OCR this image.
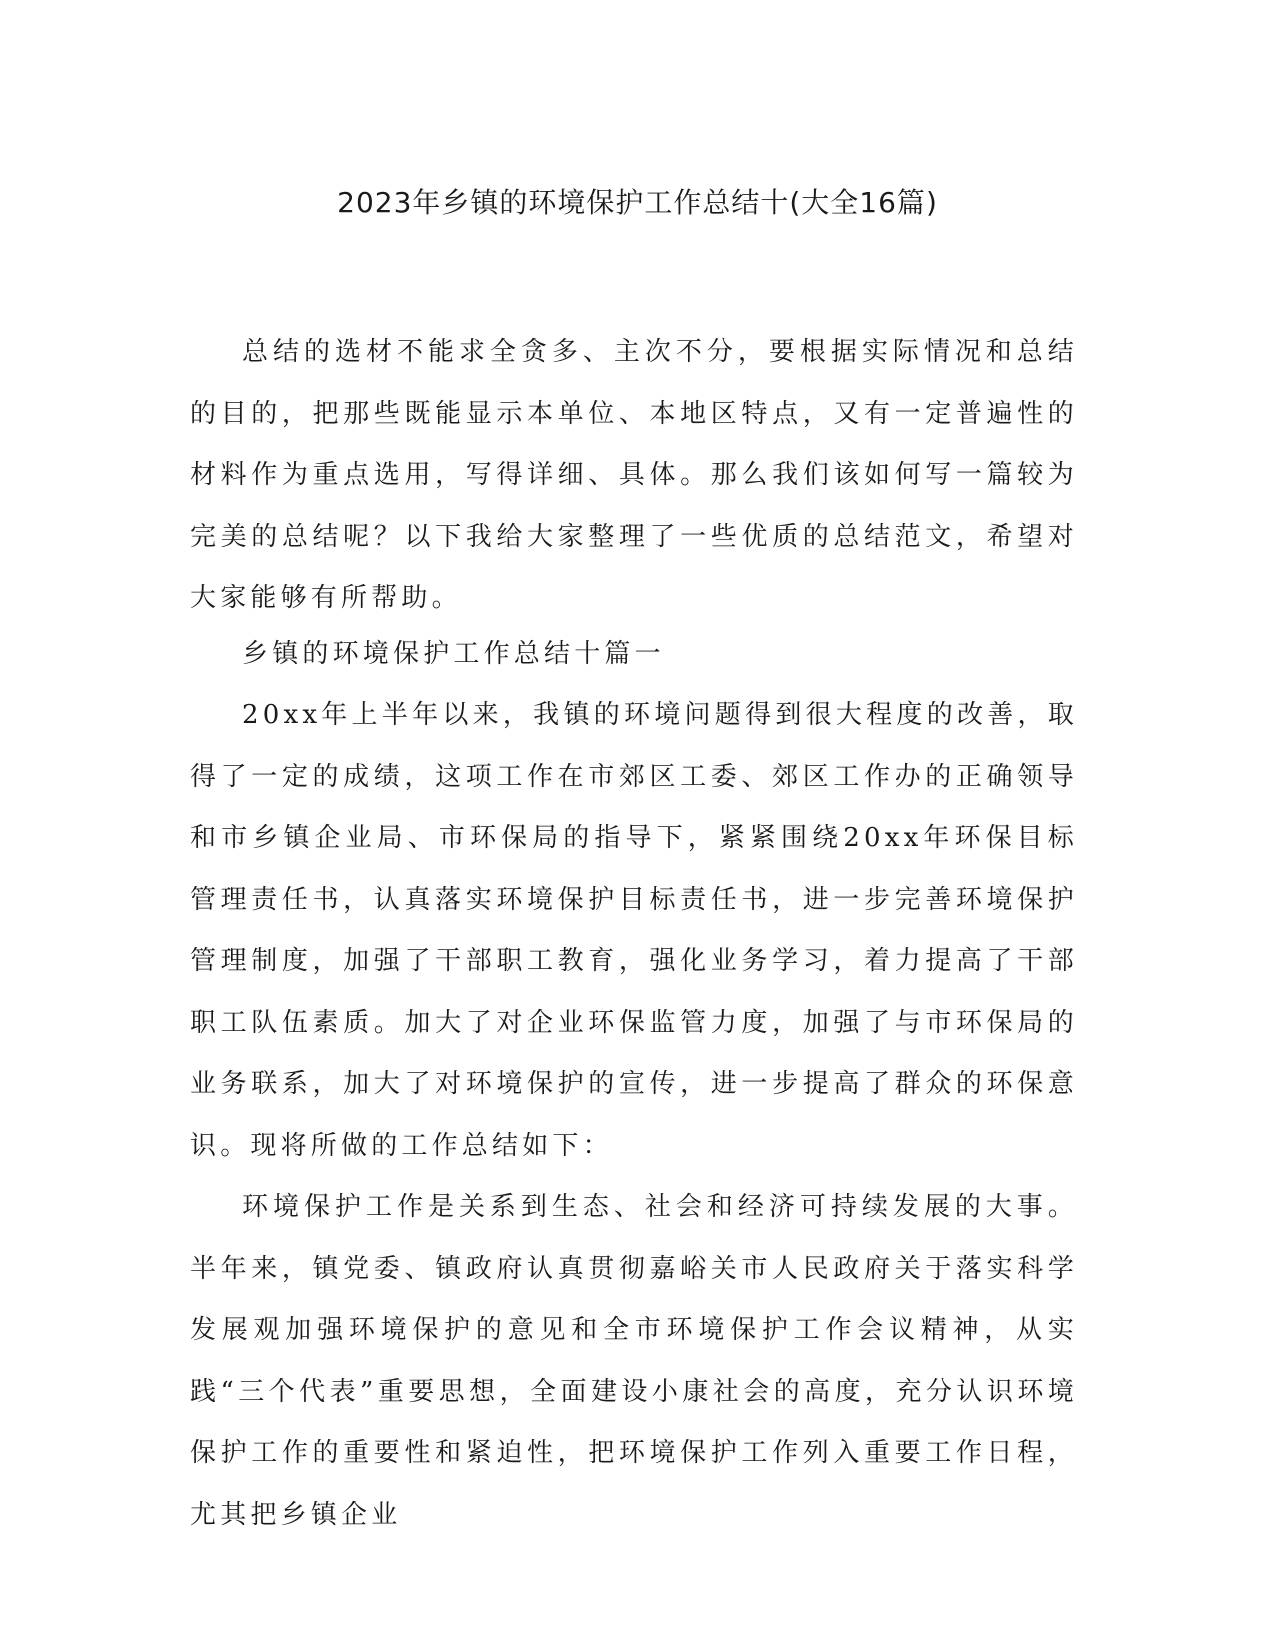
2023年乡镇的环境保护工作总结十(大全16篇)

总结的选材不能求全贪多、主次不分，要根据实际情况和总结的目的，把那些既能显示本单位、本地区特点，又有一定普遍性的材料作为重点选用，写得详细、具体。那么我们该如何写一篇较为完美的总结呢？以下我给大家整理了一些优质的总结范文，希望对大家能够有所帮助。

乡镇的环境保护工作总结十篇一

20xx年上半年以来，我镇的环境问题得到很大程度的改善，取得了一定的成绩，这项工作在市郊区工委、郊区工作办的正确领导和市乡镇企业局、市环保局的指导下，紧紧围绕20xx年环保目标管理责任书，认真落实环境保护目标责任书，进一步完善环境保护管理制度，加强了干部职工教育，强化业务学习，着力提高了干部职工队伍素质。加大了对企业环保监管力度，加强了与市环保局的业务联系，加大了对环境保护的宣传，进一步提高了群众的环保意识。现将所做的工作总结如下：

环境保护工作是关系到生态、社会和经济可持续发展的大事。半年来，镇党委、镇政府认真贯彻嘉峪关市人民政府关于落实科学发展观加强环境保护的意见和全市环境保护工作会议精神，从实践“三个代表”重要思想，全面建设小康社会的高度，充分认识环境保护工作的重要性和紧迫性，把环境保护工作列入重要工作日程，尤其把乡镇企业
